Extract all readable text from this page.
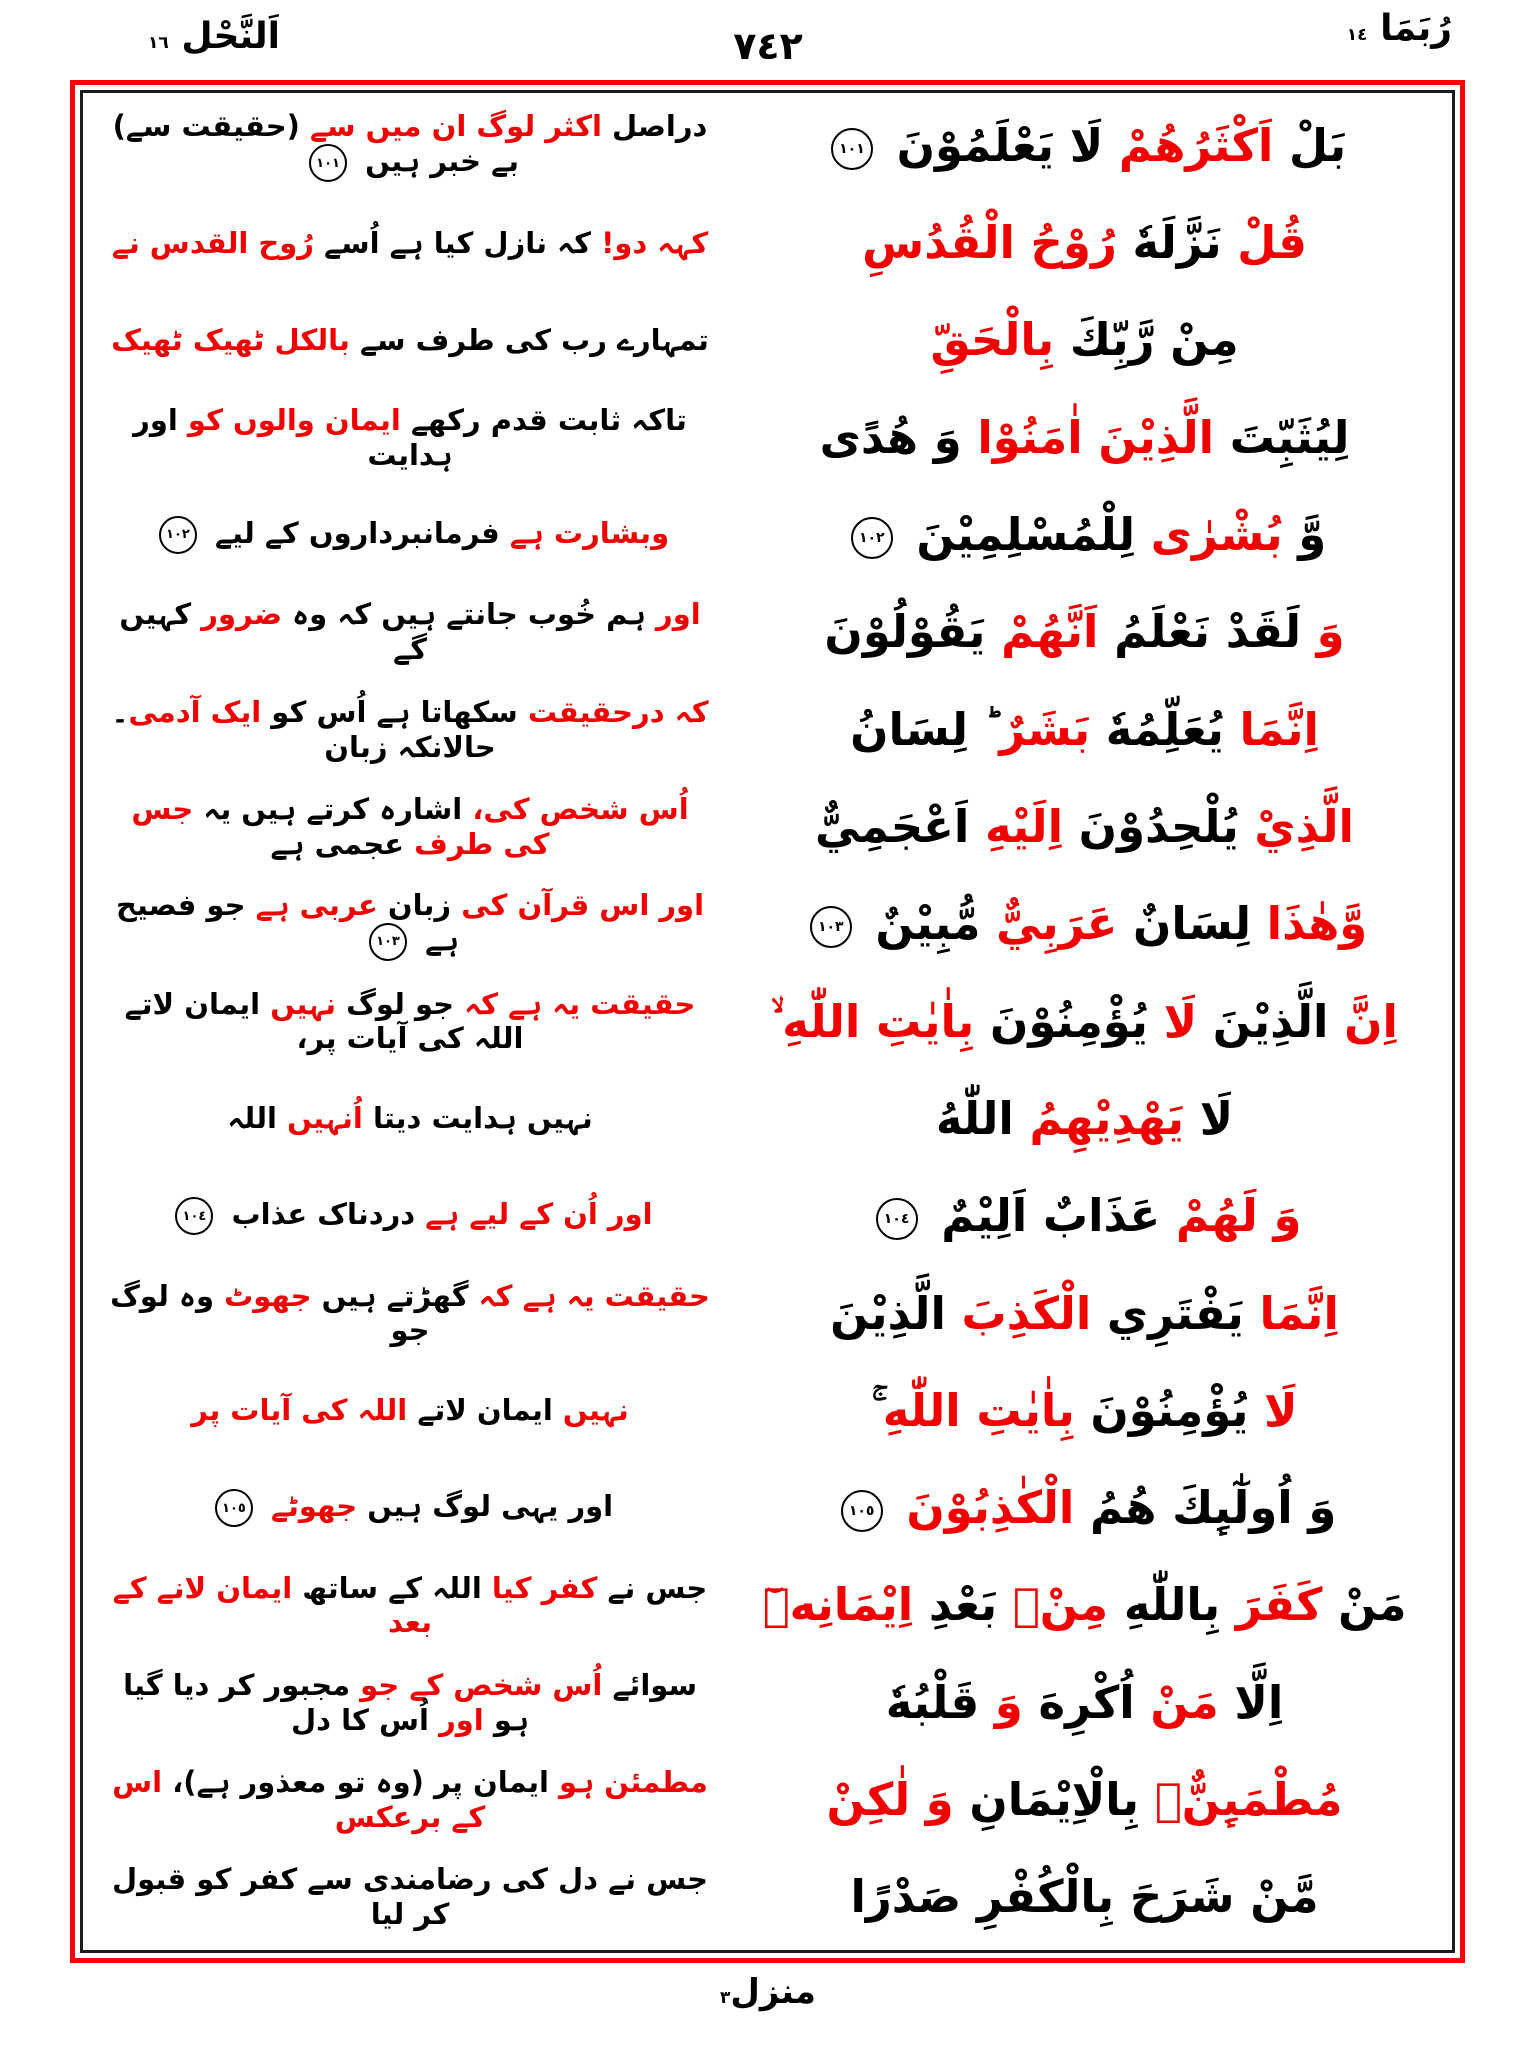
اَلنَّحْل ١٦	٧٤٢	رُبَمَا ١٤
بَلْ اَكْثَرُهُمْ لَا يَعْلَمُوْنَ ١٠١
دراصل اکثر لوگ ان میں سے (حقیقت سے) بے خبر ہیں ١٠١
قُلْ نَزَّلَهٗ رُوْحُ الْقُدُسِ
کہہ دو! کہ نازل کیا ہے اُسے رُوح القدس نے
مِنْ رَّبِّكَ بِالْحَقِّ
تمہارے رب کی طرف سے بالکل ٹھیک ٹھیک
لِيُثَبِّتَ الَّذِيْنَ اٰمَنُوْا وَ هُدًى
تاکہ ثابت قدم رکھے ایمان والوں کو اور ہدایت
وَّ بُشْرٰى لِلْمُسْلِمِيْنَ ١٠٢
وبشارت ہے فرمانبرداروں کے لیے ١٠٢
وَ لَقَدْ نَعْلَمُ اَنَّهُمْ يَقُوْلُوْنَ
اور ہم خُوب جانتے ہیں کہ وہ ضرور کہیں گے
اِنَّمَا يُعَلِّمُهٗ بَشَرٌ ؕ لِسَانُ
کہ درحقیقت سکھاتا ہے اُس کو ایک آدمی۔ حالانکہ زبان
الَّذِيْ يُلْحِدُوْنَ اِلَيْهِ اَعْجَمِيٌّ
اُس شخص کی، اشارہ کرتے ہیں یہ جس کی طرف عجمی ہے
وَّهٰذَا لِسَانٌ عَرَبِيٌّ مُّبِيْنٌ ١٠٣
اور اس قرآن کی زبان عربی ہے جو فصیح ہے ١٠٣
اِنَّ الَّذِيْنَ لَا يُؤْمِنُوْنَ بِاٰيٰتِ اللّٰهِ
حقیقت یہ ہے کہ جو لوگ نہیں ایمان لاتے اللہ کی آیات پر،
لَا يَهْدِيْهِمُ اللّٰهُ
نہیں ہدایت دیتا اُنہیں اللہ
وَ لَهُمْ عَذَابٌ اَلِيْمٌ ١٠٤
اور اُن کے لیے ہے دردناک عذاب ١٠٤
اِنَّمَا يَفْتَرِي الْكَذِبَ الَّذِيْنَ
حقیقت یہ ہے کہ گھڑتے ہیں جھوٹ وہ لوگ جو
لَا يُؤْمِنُوْنَ بِاٰيٰتِ اللّٰهِ ۚ
نہیں ایمان لاتے اللہ کی آیات پر
وَ اُولٰٓىِٕكَ هُمُ الْكٰذِبُوْنَ ١٠٥
اور یہی لوگ ہیں جھوٹے ١٠٥
مَنْ كَفَرَ بِاللّٰهِ مِنْۢ بَعْدِ اِيْمَانِهٖٓ
جس نے کفر کیا اللہ کے ساتھ ایمان لانے کے بعد
اِلَّا مَنْ اُكْرِهَ وَ قَلْبُهٗ
سوائے اُس شخص کے جو مجبور کر دیا گیا ہو اور اُس کا دل
مُطْمَىِٕنٌّۢ بِالْاِيْمَانِ وَ لٰكِنْ
مطمئن ہو ایمان پر (وہ تو معذور ہے)، اس کے برعکس
مَّنْ شَرَحَ بِالْكُفْرِ صَدْرًا
جس نے دل کی رضامندی سے کفر کو قبول کر لیا
منزل٣
